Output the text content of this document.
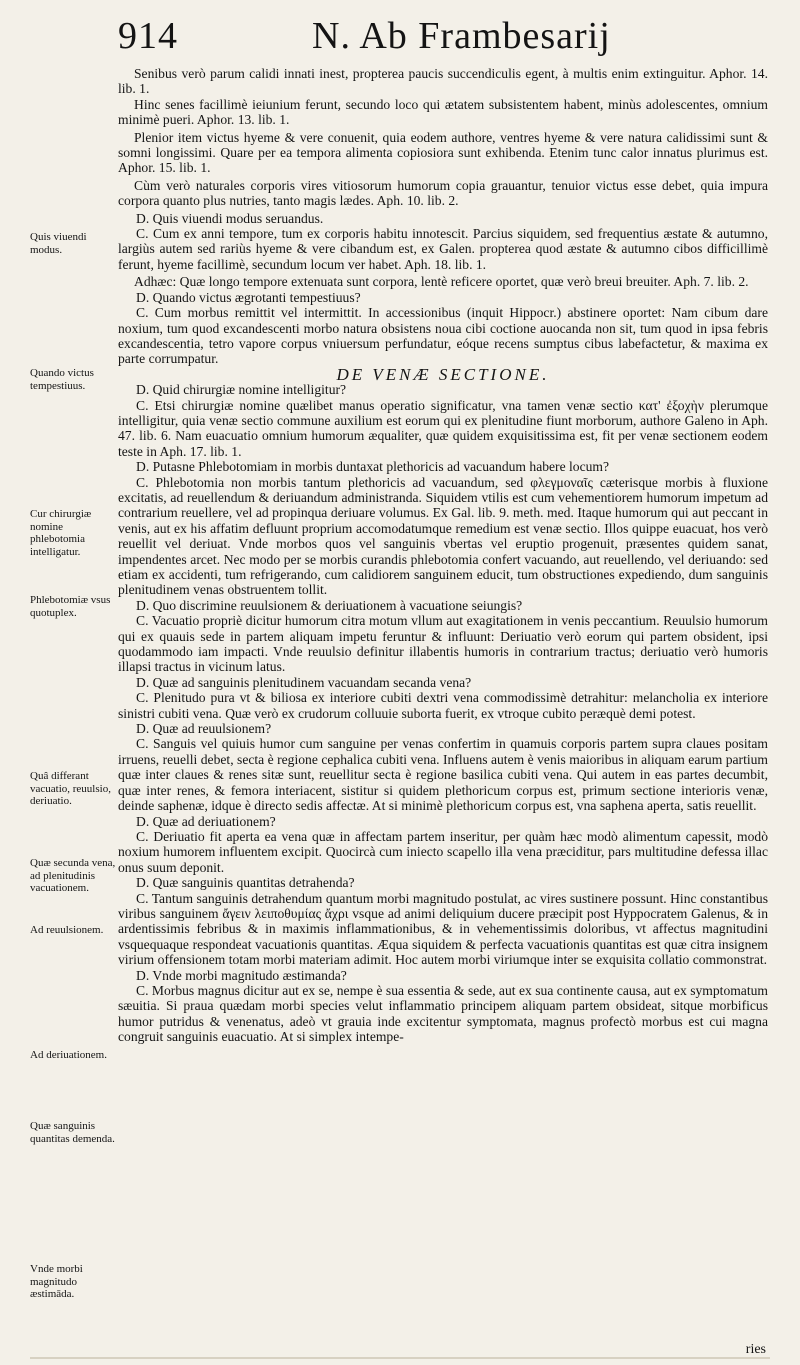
914	N. Ab Frambesarij

Senibus verò parum calidi innati inest, propterea paucis succendiculis egent, à multis enim extinguitur. Aphor. 14. lib. 1.

Hinc senes facillimè ieiunium ferunt, secundo loco qui ætatem subsistentem habent, minùs adolescentes, omnium minimè pueri. Aphor. 13. lib. 1.

Plenior item victus hyeme & vere conuenit, quia eodem authore, ventres hyeme & vere natura calidissimi sunt & somni longissimi. Quare per ea tempora alimenta copiosiora sunt exhibenda. Etenim tunc calor innatus plurimus est. Aphor. 15. lib. 1.

Cùm verò naturales corporis vires vitiosorum humorum copia grauantur, tenuior victus esse debet, quia impura corpora quanto plus nutries, tanto magis lædes. Aph. 10. lib. 2.

D. Quis viuendi modus seruandus.

C. Cum ex anni tempore, tum ex corporis habitu innotescit. Parcius siquidem, sed frequentius æstate & autumno, largiùs autem sed rariùs hyeme & vere cibandum est, ex Galen. propterea quod æstate & autumno cibos difficillimè ferunt, hyeme facillimè, secundum locum ver habet. Aph. 18. lib. 1.

Adhæc: Quæ longo tempore extenuata sunt corpora, lentè reficere oportet, quæ verò breui breuiter. Aph. 7. lib. 2.

D. Quando victus ægrotanti tempestiuus?

C. Cum morbus remittit vel intermittit. In accessionibus (inquit Hippocr.) abstinere oportet: Nam cibum dare noxium, tum quod excandescenti morbo natura obsistens noua cibi coctione auocanda non sit, tum quod in ipsa febris excandescentia, tetro vapore corpus vniuersum perfundatur, eóque recens sumptus cibus labefactetur, & maxima ex parte corrumpatur.

DE VENÆ SECTIONE.

D. Quid chirurgiæ nomine intelligitur?

C. Etsi chirurgiæ nomine quælibet manus operatio significatur, vna tamen venæ sectio κατ' ἐξοχὴν plerumque intelligitur, quia venæ sectio commune auxilium est eorum qui ex plenitudine fiunt morborum, authore Galeno in Aph. 47. lib. 6. Nam euacuatio omnium humorum æqualiter, quæ quidem exquisitissima est, fit per venæ sectionem eodem teste in Aph. 17. lib. 1.

D. Putasne Phlebotomiam in morbis duntaxat plethoricis ad vacuandum habere locum?

C. Phlebotomia non morbis tantum plethoricis ad vacuandum, sed φλεγμοναῖς cæterisque morbis à fluxione excitatis, ad reuellendum & deriuandum administranda. Siquidem vtilis est cum vehementiorem humorum impetum ad contrarium reuellere, vel ad propinqua deriuare volumus. Ex Gal. lib. 9. meth. med. Itaque humorum qui aut peccant in venis, aut ex his affatim defluunt proprium accomodatumque remedium est venæ sectio. Illos quippe euacuat, hos verò reuellit vel deriuat. Vnde morbos quos vel sanguinis vbertas vel eruptio progenuit, præsentes quidem sanat, impendentes arcet. Nec modo per se morbis curandis phlebotomia confert vacuando, aut reuellendo, vel deriuando: sed etiam ex accidenti, tum refrigerando, cum calidiorem sanguinem educit, tum obstructiones expediendo, dum sanguinis plenitudinem venas obstruentem tollit.

D. Quo discrimine reuulsionem & deriuationem à vacuatione seiungis?

C. Vacuatio propriè dicitur humorum citra motum vllum aut exagitationem in venis peccantium. Reuulsio humorum qui ex quauis sede in partem aliquam impetu feruntur & influunt: Deriuatio verò eorum qui partem obsident, ipsi quodammodo iam impacti. Vnde reuulsio definitur illabentis humoris in contrarium tractus; deriuatio verò humoris illapsi tractus in vicinum latus.

D. Quæ ad sanguinis plenitudinem vacuandam secanda vena?

C. Plenitudo pura vt & biliosa ex interiore cubiti dextri vena commodissimè detrahitur: melancholia ex interiore sinistri cubiti vena. Quæ verò ex crudorum colluuie suborta fuerit, ex vtroque cubito peræquè demi potest.

D. Quæ ad reuulsionem?

C. Sanguis vel quiuis humor cum sanguine per venas confertim in quamuis corporis partem supra claues positam irruens, reuelli debet, secta è regione cephalica cubiti vena. Influens autem è venis maioribus in aliquam earum partium quæ inter claues & renes sitæ sunt, reuellitur secta è regione basilica cubiti vena. Qui autem in eas partes decumbit, quæ inter renes, & femora interiacent, sistitur si quidem plethoricum corpus est, primum sectione interioris venæ, deinde saphenæ, idque è directo sedis affectæ. At si minimè plethoricum corpus est, vna saphena aperta, satis reuellit.

D. Quæ ad deriuationem?

C. Deriuatio fit aperta ea vena quæ in affectam partem inseritur, per quàm hæc modò alimentum capessit, modò noxium humorem influentem excipit. Quocircà cum iniecto scapello illa vena præciditur, pars multitudine defessa illac onus suum deponit.

D. Quæ sanguinis quantitas detrahenda?

C. Tantum sanguinis detrahendum quantum morbi magnitudo postulat, ac vires sustinere possunt. Hinc constantibus viribus sanguinem ἄγειν λειποθυμίας ἄχρι vsque ad animi deliquium ducere præcipit post Hyppocratem Galenus, & in ardentissimis febribus & in maximis inflammationibus, & in vehementissimis doloribus, vt affectus magnitudini vsquequaque respondeat vacuationis quantitas. Æqua siquidem & perfecta vacuationis quantitas est quæ citra insignem virium offensionem totam morbi materiam adimit. Hoc autem morbi viriumque inter se exquisita collatio commonstrat.

D. Vnde morbi magnitudo æstimanda?

C. Morbus magnus dicitur aut ex se, nempe è sua essentia & sede, aut ex sua continente causa, aut ex symptomatum sæuitia. Si praua quædam morbi species velut inflammatio principem aliquam partem obsideat, sitque morbificus humor putridus & venenatus, adeò vt grauia inde excitentur symptomata, magnus profectò morbus est cui magna congruit sanguinis euacuatio. At si simplex intempe-

Quis viuendi modus.
Quando victus tempestiuus.
Cur chirurgiæ nomine phlebotomia intelligatur.
Phlebotomiæ vsus quotuplex.
Quâ differant vacuatio, reuulsio, deriuatio.
Quæ secunda vena, ad plenitudinis vacuationem.
Ad reuulsionem.
Ad deriuationem.
Quæ sanguinis quantitas demenda.
Vnde morbi magnitudo æstimāda.
ries
